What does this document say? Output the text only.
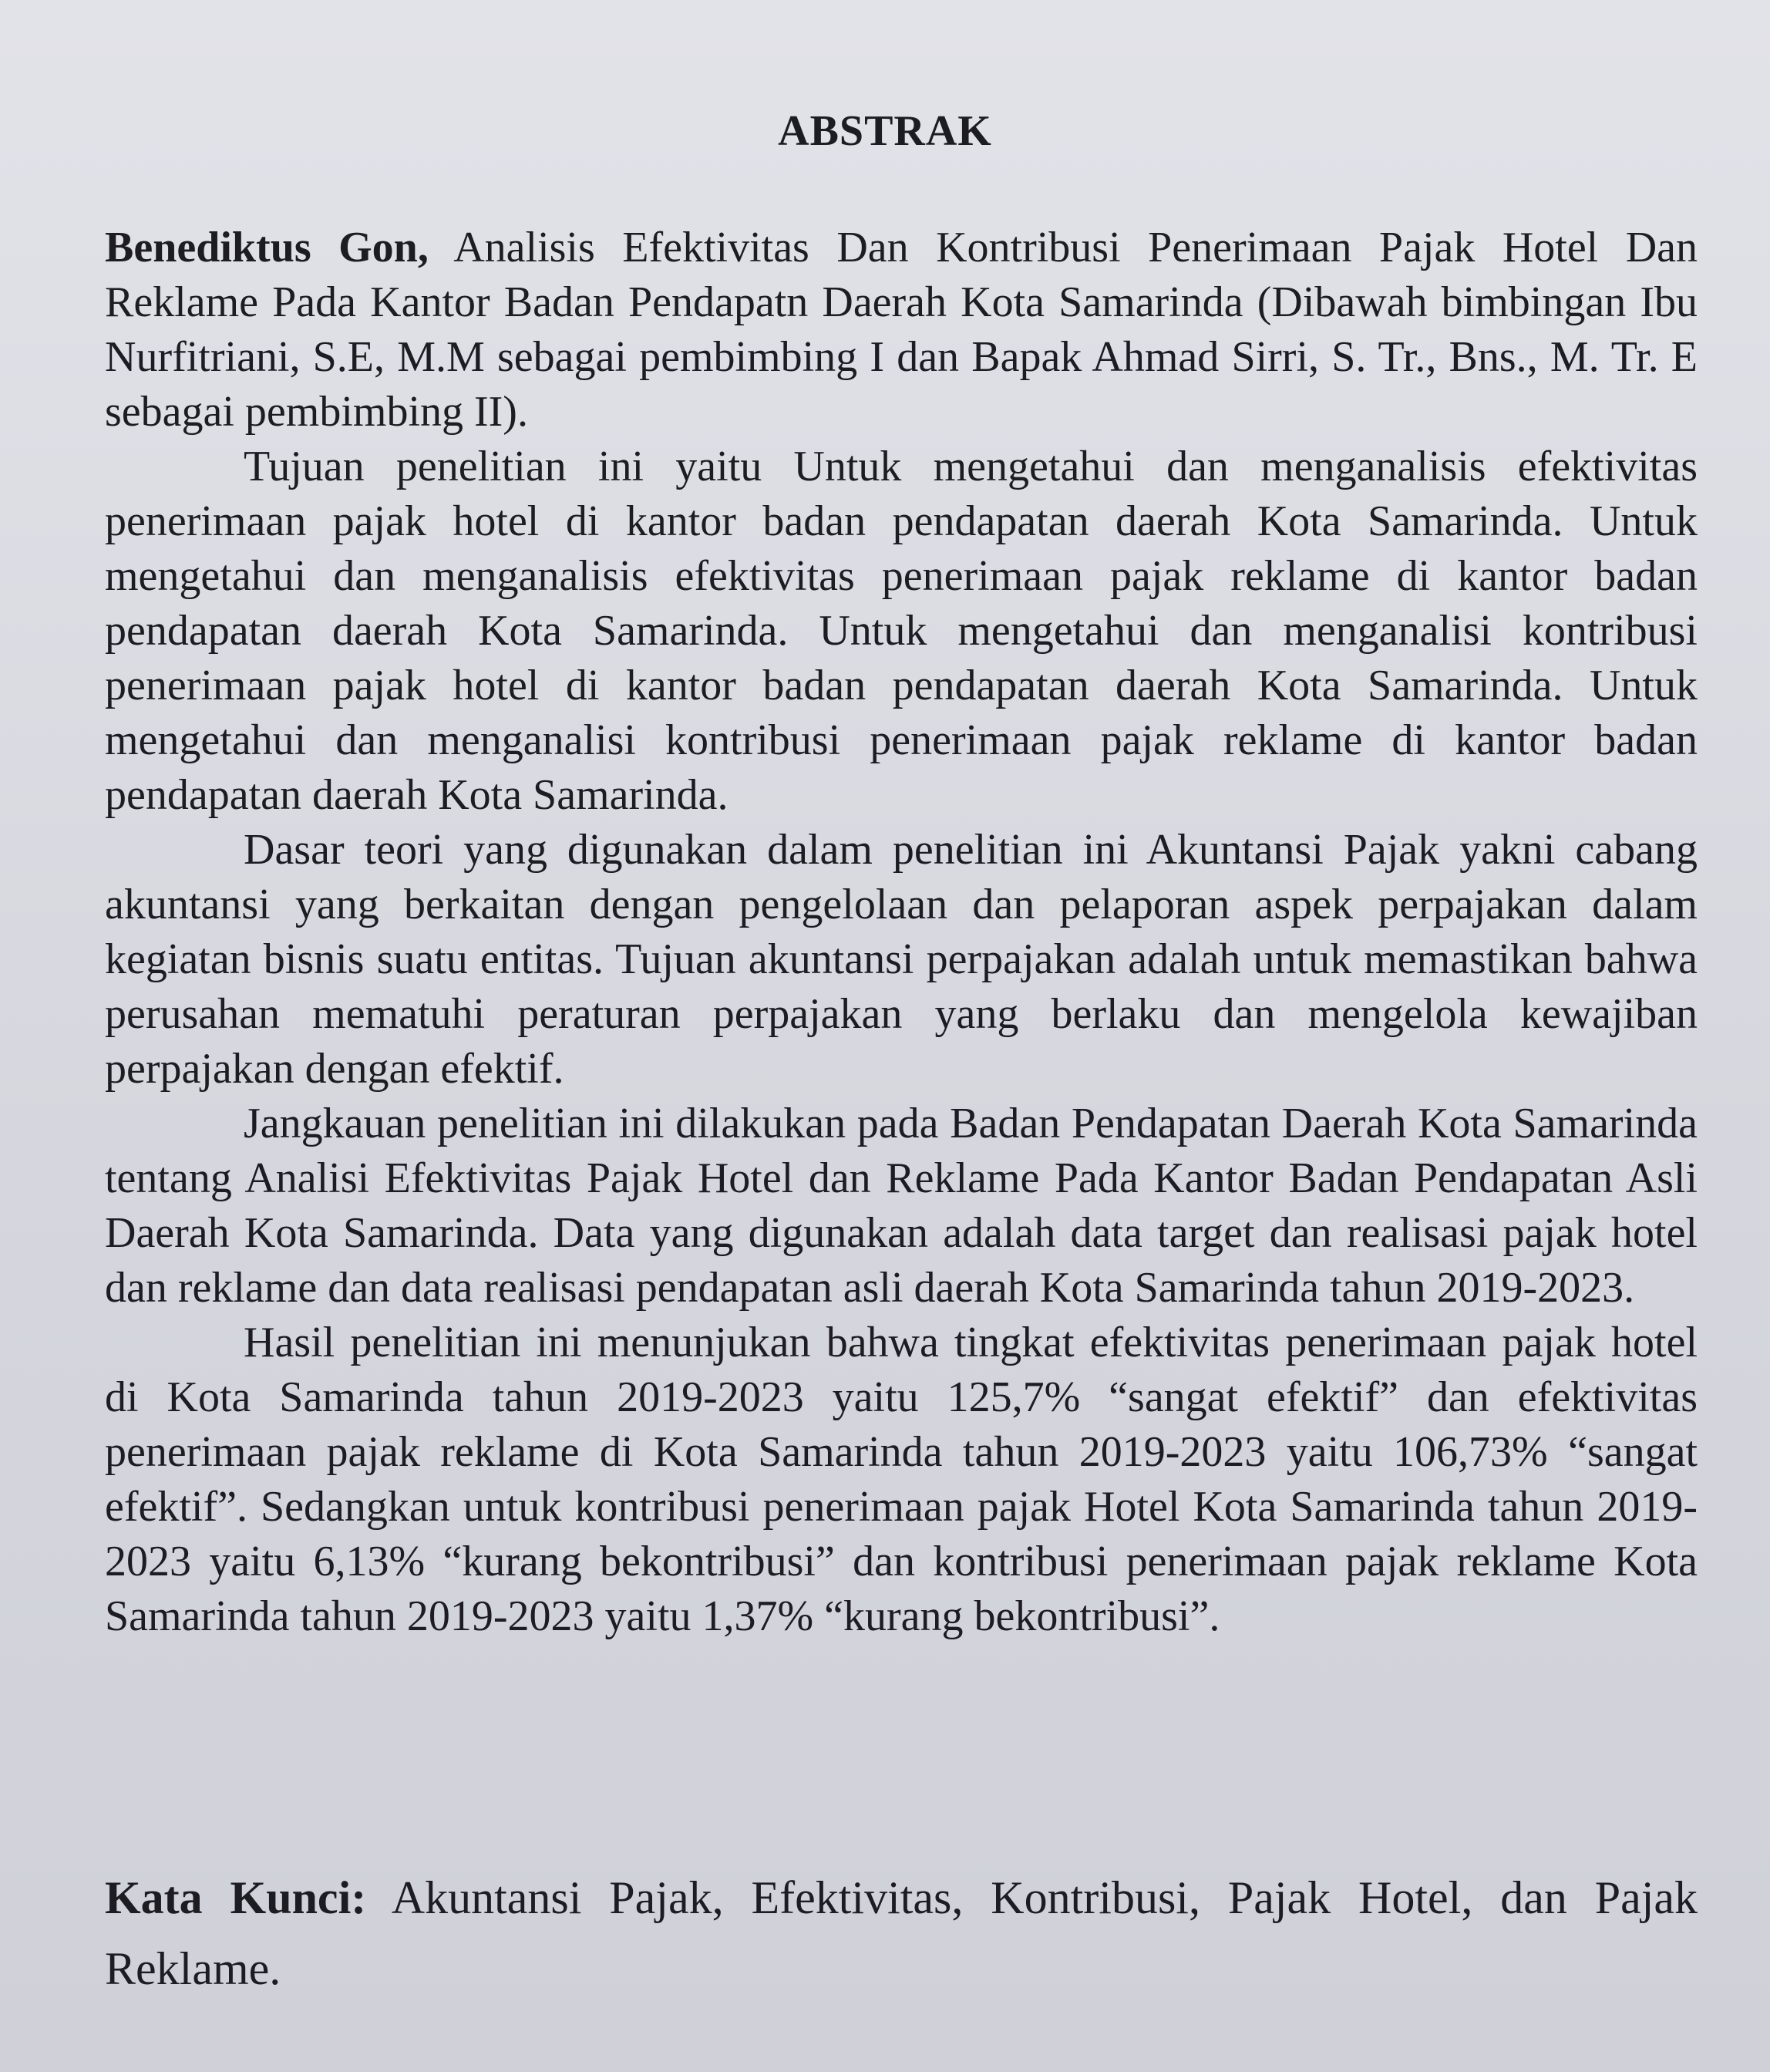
ABSTRAK

Benediktus Gon, Analisis Efektivitas Dan Kontribusi Penerimaan Pajak Hotel Dan Reklame Pada Kantor Badan Pendapatn Daerah Kota Samarinda (Dibawah bimbingan Ibu Nurfitriani, S.E, M.M sebagai pembimbing I dan Bapak Ahmad Sirri, S. Tr., Bns., M. Tr. E sebagai pembimbing II).

Tujuan penelitian ini yaitu Untuk mengetahui dan menganalisis efektivitas penerimaan pajak hotel di kantor badan pendapatan daerah Kota Samarinda. Untuk mengetahui dan menganalisis efektivitas penerimaan pajak reklame di kantor badan pendapatan daerah Kota Samarinda. Untuk mengetahui dan menganalisi kontribusi penerimaan pajak hotel di kantor badan pendapatan daerah Kota Samarinda. Untuk mengetahui dan menganalisi kontribusi penerimaan pajak reklame di kantor badan pendapatan daerah Kota Samarinda.

Dasar teori yang digunakan dalam penelitian ini Akuntansi Pajak yakni cabang akuntansi yang berkaitan dengan pengelolaan dan pelaporan aspek perpajakan dalam kegiatan bisnis suatu entitas. Tujuan akuntansi perpajakan adalah untuk memastikan bahwa perusahan mematuhi peraturan perpajakan yang berlaku dan mengelola kewajiban perpajakan dengan efektif.

Jangkauan penelitian ini dilakukan pada Badan Pendapatan Daerah Kota Samarinda tentang Analisi Efektivitas Pajak Hotel dan Reklame Pada Kantor Badan Pendapatan Asli Daerah Kota Samarinda. Data yang digunakan adalah data target dan realisasi pajak hotel dan reklame dan data realisasi pendapatan asli daerah Kota Samarinda tahun 2019-2023.

Hasil penelitian ini menunjukan bahwa tingkat efektivitas penerimaan pajak hotel di Kota Samarinda tahun 2019-2023 yaitu 125,7% “sangat efektif” dan efektivitas penerimaan pajak reklame di Kota Samarinda tahun 2019-2023 yaitu 106,73% “sangat efektif”. Sedangkan untuk kontribusi penerimaan pajak Hotel Kota Samarinda tahun 2019-2023 yaitu 6,13% “kurang bekontribusi” dan kontribusi penerimaan pajak reklame Kota Samarinda tahun 2019-2023 yaitu 1,37% “kurang bekontribusi”.

Kata Kunci: Akuntansi Pajak, Efektivitas, Kontribusi, Pajak Hotel, dan Pajak Reklame.
